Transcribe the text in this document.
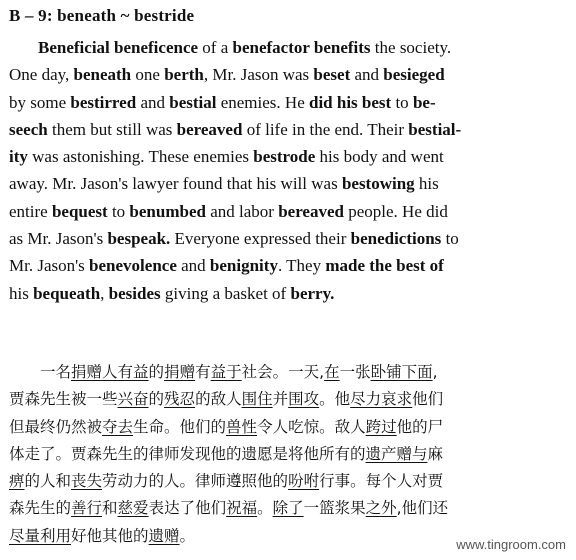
B – 9: beneath ~ bestride
Beneficial beneficence of a benefactor benefits the society.
One day, beneath one berth, Mr. Jason was beset and besieged
by some bestirred and bestial enemies. He did his best to be-
seech them but still was bereaved of life in the end. Their bestial-
ity was astonishing. These enemies bestrode his body and went
away. Mr. Jason's lawyer found that his will was bestowing his
entire bequest to benumbed and labor bereaved people. He did
as Mr. Jason's bespeak. Everyone expressed their benedictions to
Mr. Jason's benevolence and benignity. They made the best of
his bequeath, besides giving a basket of berry.
一名捐赠人有益的捐赠有益于社会。一天,在一张卧铺下面,
贾森先生被一些兴奋的残忍的敌人围住并围攻。他尽力哀求他们
但最终仍然被夺去生命。他们的兽性令人吃惊。敌人跨过他的尸
体走了。贾森先生的律师发现他的遗愿是将他所有的遗产赠与麻
痹的人和丧失劳动力的人。律师遵照他的吩咐行事。每个人对贾
森先生的善行和慈爱表达了他们祝福。除了一篮浆果之外,他们还
尽量利用好他其他的遗赠。	www.tingroom.com
